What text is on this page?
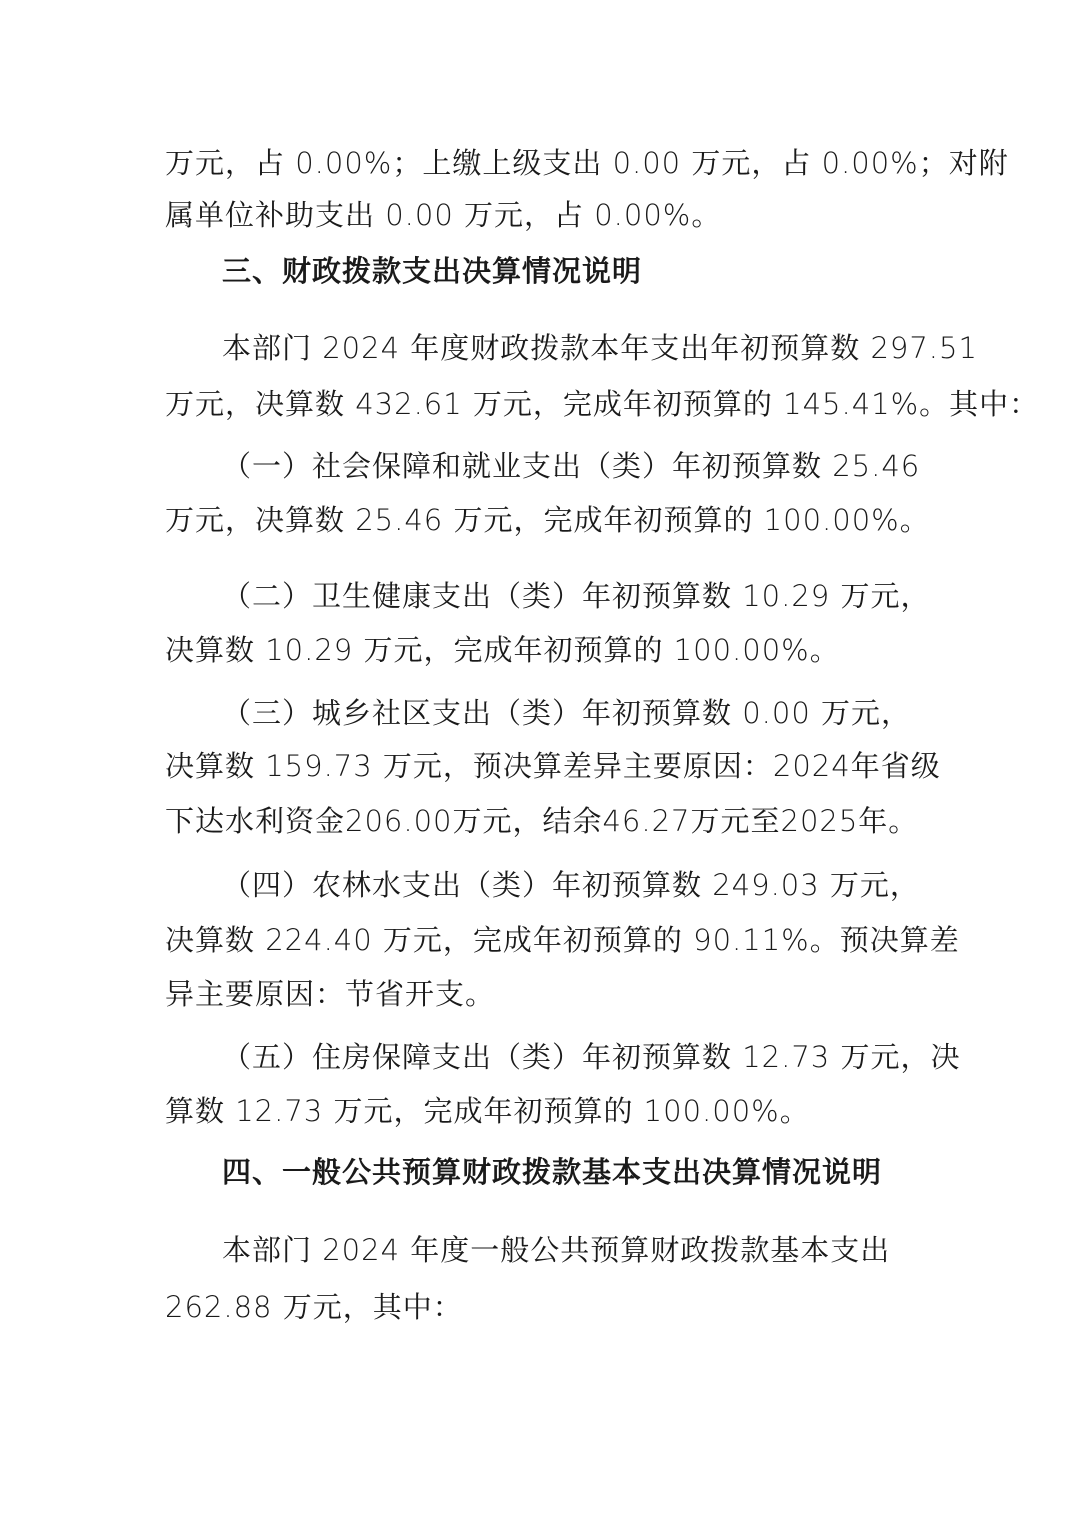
万元，占 0.00%；上缴上级支出 0.00 万元，占 0.00%；对附
属单位补助支出 0.00 万元，占 0.00%。
三、财政拨款支出决算情况说明
本部门 2024 年度财政拨款本年支出年初预算数 297.51
万元，决算数 432.61 万元，完成年初预算的 145.41%。其中：
（一）社会保障和就业支出（类）年初预算数 25.46
万元，决算数 25.46 万元，完成年初预算的 100.00%。
（二）卫生健康支出（类）年初预算数 10.29 万元，
决算数 10.29 万元，完成年初预算的 100.00%。
（三）城乡社区支出（类）年初预算数 0.00 万元，
决算数 159.73 万元，预决算差异主要原因：2024年省级
下达水利资金206.00万元，结余46.27万元至2025年。
（四）农林水支出（类）年初预算数 249.03 万元，
决算数 224.40 万元，完成年初预算的 90.11%。预决算差
异主要原因：节省开支。
（五）住房保障支出（类）年初预算数 12.73 万元，决
算数 12.73 万元，完成年初预算的 100.00%。
四、一般公共预算财政拨款基本支出决算情况说明
本部门 2024 年度一般公共预算财政拨款基本支出
262.88 万元，其中：
